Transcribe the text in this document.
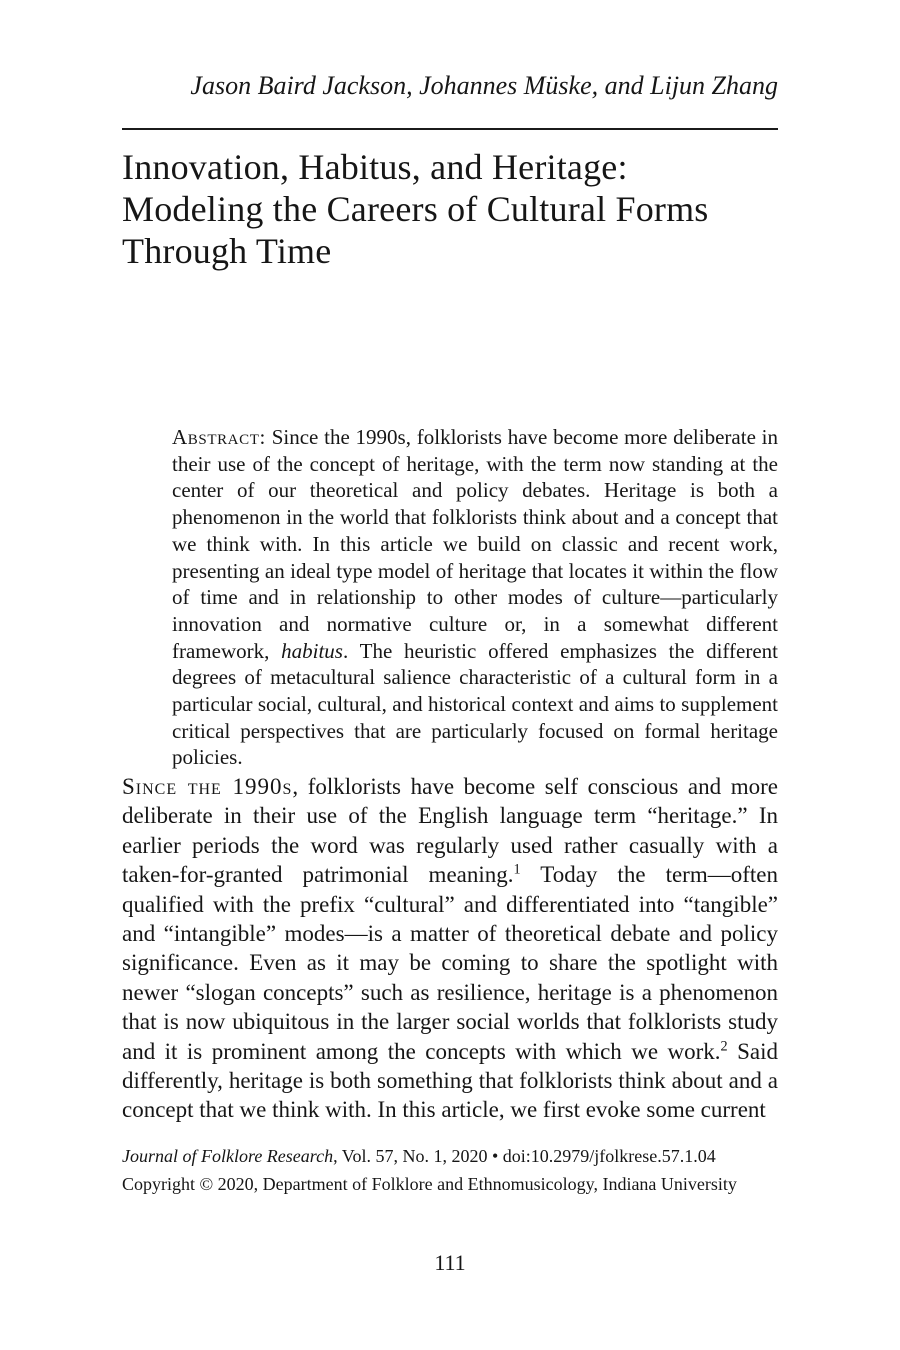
Jason Baird Jackson, Johannes Müske, and Lijun Zhang
Innovation, Habitus, and Heritage:
Modeling the Careers of Cultural Forms
Through Time

Abstract: Since the 1990s, folklorists have become more deliberate in their use of the concept of heritage, with the term now standing at the center of our theoretical and policy debates. Heritage is both a phenomenon in the world that folklorists think about and a concept that we think with. In this article we build on classic and recent work, presenting an ideal type model of heritage that locates it within the flow of time and in relationship to other modes of culture—particularly innovation and normative culture or, in a somewhat different framework, habitus. The heuristic offered emphasizes the different degrees of metacultural salience characteristic of a cultural form in a particular social, cultural, and historical context and aims to supplement critical perspectives that are particularly focused on formal heritage policies.

Since the 1990s, folklorists have become self conscious and more deliberate in their use of the English language term “heritage.” In earlier periods the word was regularly used rather casually with a taken-for-granted patrimonial meaning.$^1$ Today the term—often qualified with the prefix “cultural” and differentiated into “tangible” and “intangible” modes—is a matter of theoretical debate and policy significance. Even as it may be coming to share the spotlight with newer “slogan concepts” such as resilience, heritage is a phenomenon that is now ubiquitous in the larger social worlds that folklorists study and it is prominent among the concepts with which we work.$^2$ Said differently, heritage is both something that folklorists think about and a concept that we think with. In this article, we first evoke some current

Journal of Folklore Research, Vol. 57, No. 1, 2020 • doi:10.2979/jfolkrese.57.1.04
Copyright © 2020, Department of Folklore and Ethnomusicology, Indiana University
111
